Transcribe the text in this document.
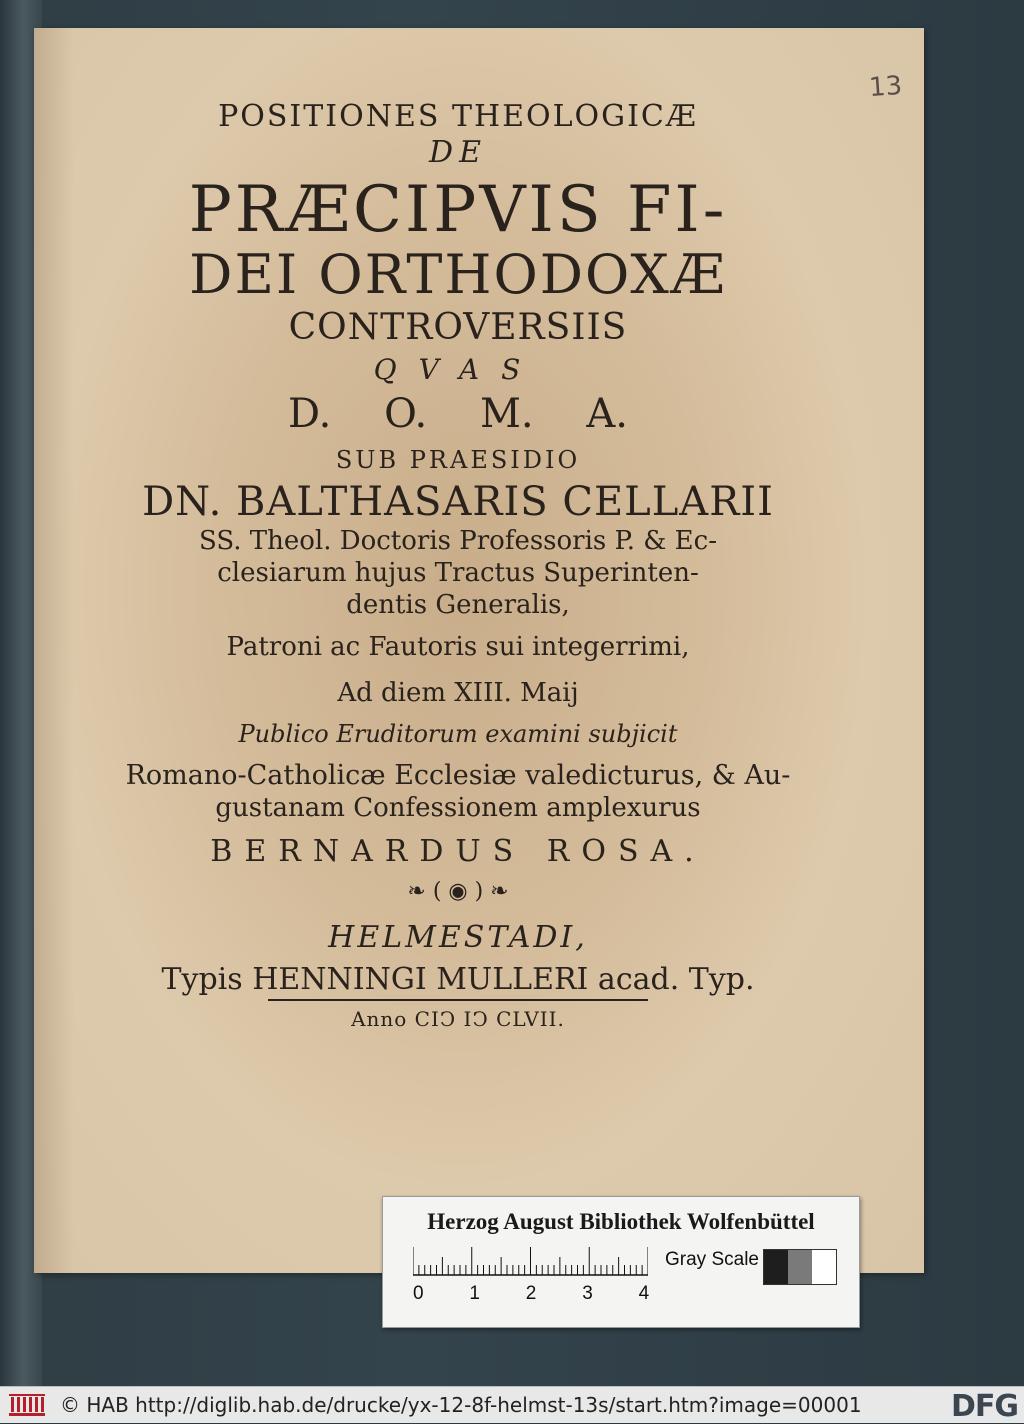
13
POSITIONES THEOLOGICÆ
DE
PRÆCIPVIS FI-
DEI ORTHODOXÆ
CONTROVERSIIS
QVAS
D. O. M. A.
SUB PRAESIDIO
DN. BALTHASARIS CELLARII
SS. Theol. Doctoris Professoris P. & Ec-
clesiarum hujus Tractus Superinten-
dentis Generalis,
Patroni ac Fautoris sui integerrimi,
Ad diem XIII. Maij
Publico Eruditorum examini subjicit
Romano-Catholicæ Ecclesiæ valedicturus, & Au-
gustanam Confessionem amplexurus
BERNARDUS ROSA.
❧ ( ◉ ) ❧
HELMESTADI,
Typis HENNINGI MULLERI acad. Typ.
Anno CIↃ IↃ CLVII.
Herzog August Bibliothek Wolfenbüttel
0 1 2 3 4
Gray Scale
© HAB http://diglib.hab.de/drucke/yx-12-8f-helmst-13s/start.htm?image=00001	DFG
